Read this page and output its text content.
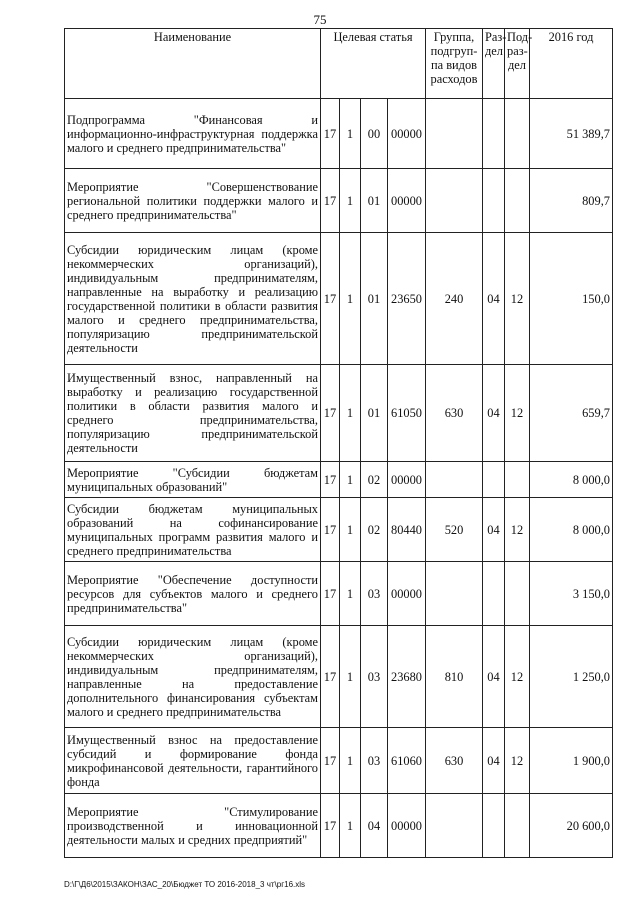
75
Наименование	Целевая статья				Группа, подгруп-па видов расходов	Раз-дел	Под-раз-дел	2016 год
Подпрограмма "Финансовая и информационно-инфраструктурная поддержка малого и среднего предпринимательства"	17	1	00	00000				51 389,7
Мероприятие "Совершенствование региональной политики поддержки малого и среднего предпринимательства"	17	1	01	00000				809,7
Субсидии юридическим лицам (кроме некоммерческих организаций), индивидуальным предпринимателям, направленные на выработку и реализацию государственной политики в области развития малого и среднего предпринимательства, популяризацию предпринимательской деятельности	17	1	01	23650	240	04	12	150,0
Имущественный взнос, направленный на выработку и реализацию государственной политики в области развития малого и среднего предпринимательства, популяризацию предпринимательской деятельности	17	1	01	61050	630	04	12	659,7
Мероприятие "Субсидии бюджетам муниципальных образований"	17	1	02	00000				8 000,0
Субсидии бюджетам муниципальных образований на софинансирование муниципальных программ развития малого и среднего предпринимательства	17	1	02	80440	520	04	12	8 000,0
Мероприятие "Обеспечение доступности ресурсов для субъектов малого и среднего предпринимательства"	17	1	03	00000				3 150,0
Субсидии юридическим лицам (кроме некоммерческих организаций), индивидуальным предпринимателям, направленные на предоставление дополнительного финансирования субъектам малого и среднего предпринимательства	17	1	03	23680	810	04	12	1 250,0
Имущественный взнос на предоставление субсидий и формирование фонда микрофинансовой деятельности, гарантийного фонда	17	1	03	61060	630	04	12	1 900,0
Мероприятие "Стимулирование производственной и инновационной деятельности малых и средних предприятий"	17	1	04	00000				20 600,0
D:\Г\Д6\2015\ЗАКОН\ЗАС_20\Бюджет ТО 2016-2018_3 чт\рг16.xls
